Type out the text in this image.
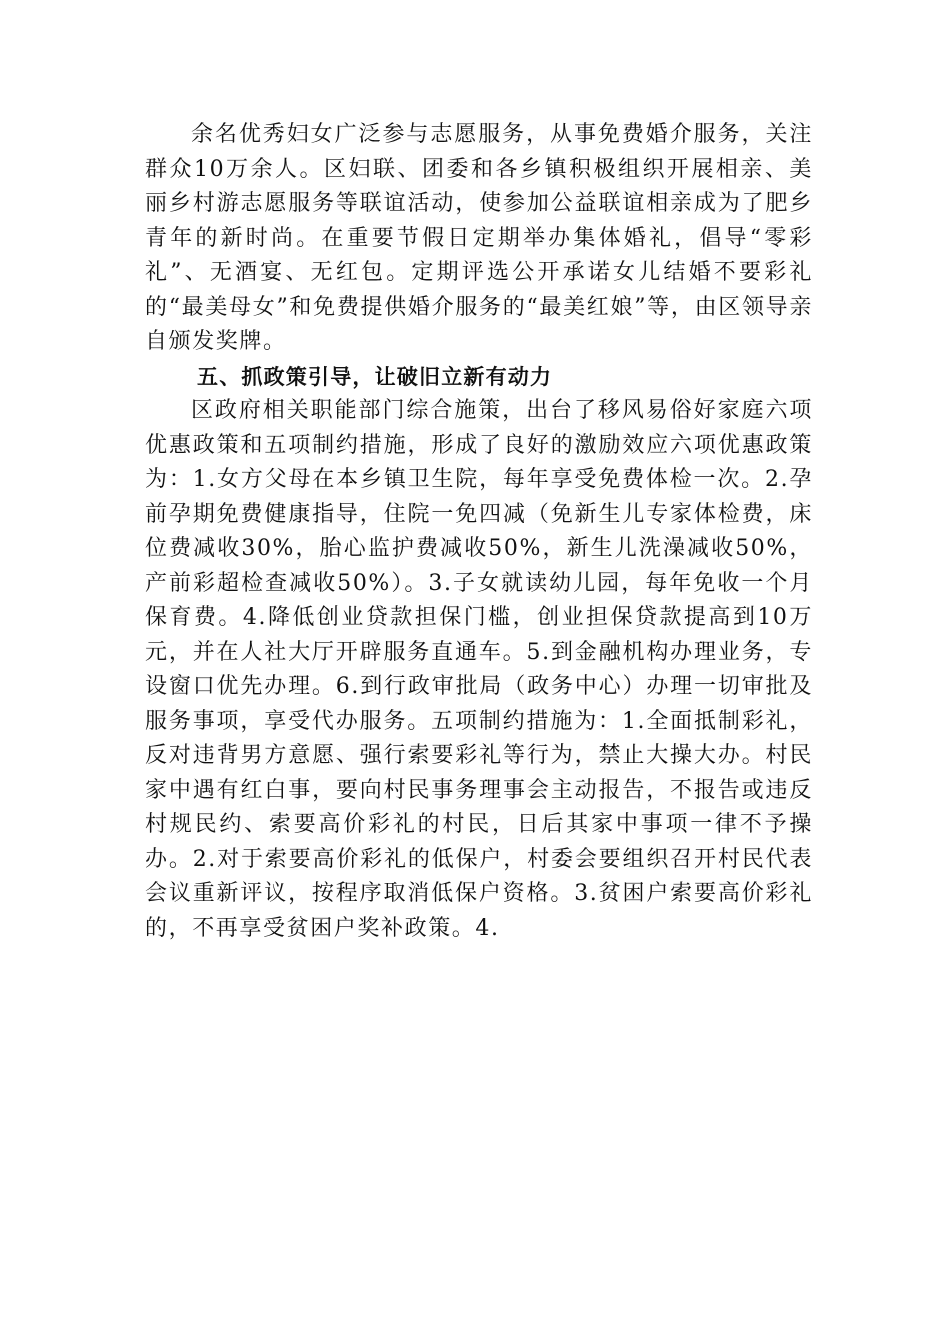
余名优秀妇女广泛参与志愿服务，从事免费婚介服务，关注群众10万余人。区妇联、团委和各乡镇积极组织开展相亲、美丽乡村游志愿服务等联谊活动，使参加公益联谊相亲成为了肥乡青年的新时尚。在重要节假日定期举办集体婚礼，倡导“零彩礼”、无酒宴、无红包。定期评选公开承诺女儿结婚不要彩礼的“最美母女”和免费提供婚介服务的“最美红娘”等，由区领导亲自颁发奖牌。

五、抓政策引导，让破旧立新有动力

区政府相关职能部门综合施策，出台了移风易俗好家庭六项优惠政策和五项制约措施，形成了良好的激励效应六项优惠政策为：1.女方父母在本乡镇卫生院，每年享受免费体检一次。2.孕前孕期免费健康指导，住院一免四减（免新生儿专家体检费，床位费减收30%，胎心监护费减收50%，新生儿洗澡减收50%，产前彩超检查减收50%）。3.子女就读幼儿园，每年免收一个月保育费。4.降低创业贷款担保门槛，创业担保贷款提高到10万元，并在人社大厅开辟服务直通车。5.到金融机构办理业务，专设窗口优先办理。6.到行政审批局（政务中心）办理一切审批及服务事项，享受代办服务。五项制约措施为：1.全面抵制彩礼，反对违背男方意愿、强行索要彩礼等行为，禁止大操大办。村民家中遇有红白事，要向村民事务理事会主动报告，不报告或违反村规民约、索要高价彩礼的村民，日后其家中事项一律不予操办。2.对于索要高价彩礼的低保户，村委会要组织召开村民代表会议重新评议，按程序取消低保户资格。3.贫困户索要高价彩礼的，不再享受贫困户奖补政策。4.
